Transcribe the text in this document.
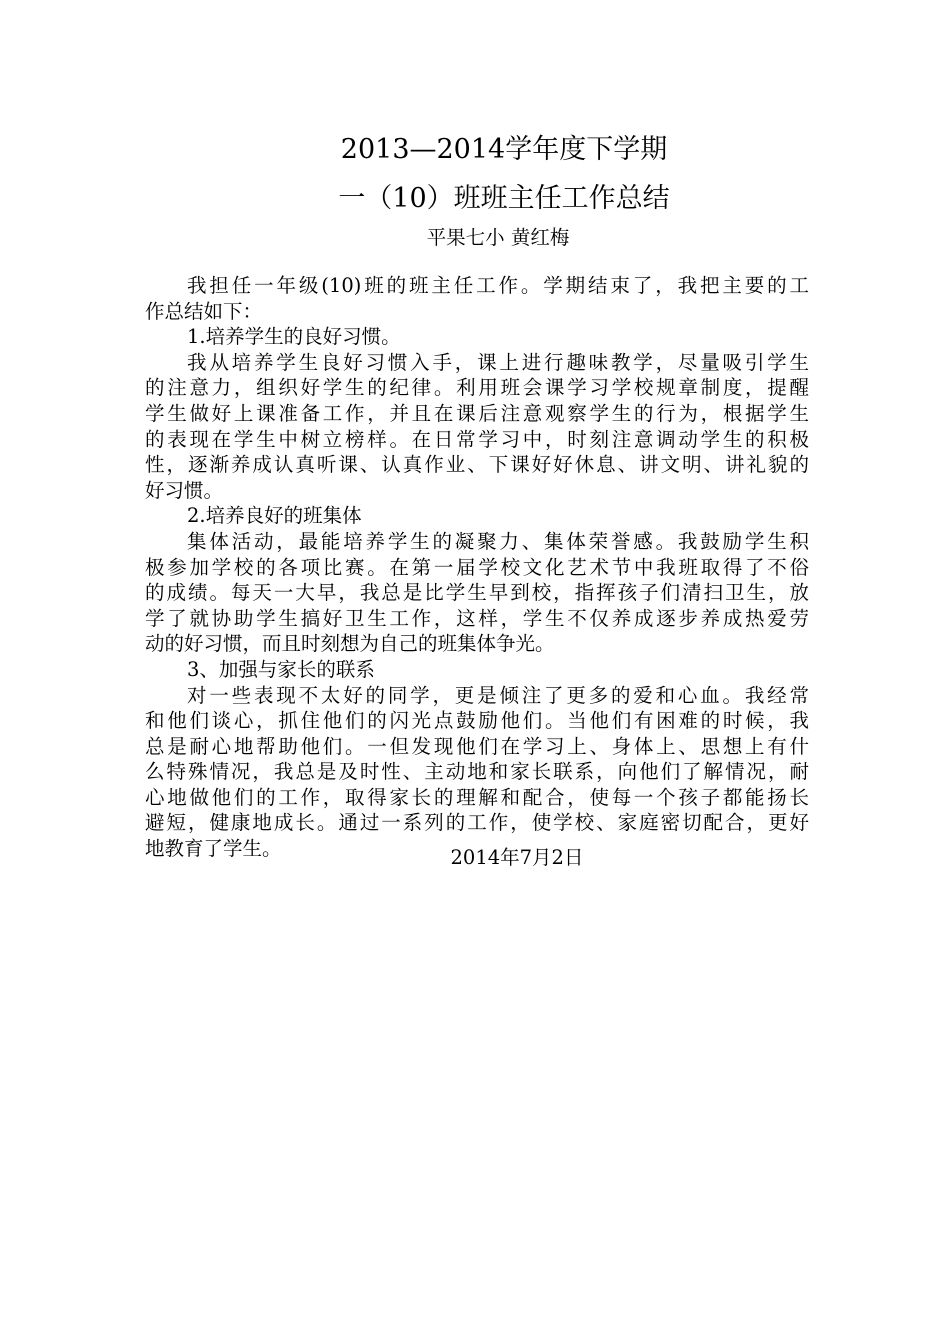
2013—2014学年度下学期
一（10）班班主任工作总结
平果七小 黄红梅
我担任一年级(10)班的班主任工作。学期结束了，我把主要的工
作总结如下：
1.培养学生的良好习惯。
我从培养学生良好习惯入手，课上进行趣味教学，尽量吸引学生
的注意力，组织好学生的纪律。利用班会课学习学校规章制度，提醒
学生做好上课准备工作，并且在课后注意观察学生的行为，根据学生
的表现在学生中树立榜样。在日常学习中，时刻注意调动学生的积极
性，逐渐养成认真听课、认真作业、下课好好休息、讲文明、讲礼貌的
好习惯。
2.培养良好的班集体
集体活动，最能培养学生的凝聚力、集体荣誉感。我鼓励学生积
极参加学校的各项比赛。在第一届学校文化艺术节中我班取得了不俗
的成绩。每天一大早，我总是比学生早到校，指挥孩子们清扫卫生，放
学了就协助学生搞好卫生工作，这样，学生不仅养成逐步养成热爱劳
动的好习惯，而且时刻想为自己的班集体争光。
3、加强与家长的联系
对一些表现不太好的同学，更是倾注了更多的爱和心血。我经常
和他们谈心，抓住他们的闪光点鼓励他们。当他们有困难的时候，我
总是耐心地帮助他们。一但发现他们在学习上、身体上、思想上有什
么特殊情况，我总是及时性、主动地和家长联系，向他们了解情况，耐
心地做他们的工作，取得家长的理解和配合，使每一个孩子都能扬长
避短，健康地成长。通过一系列的工作，使学校、家庭密切配合，更好
地教育了学生。	2014年7月2日
